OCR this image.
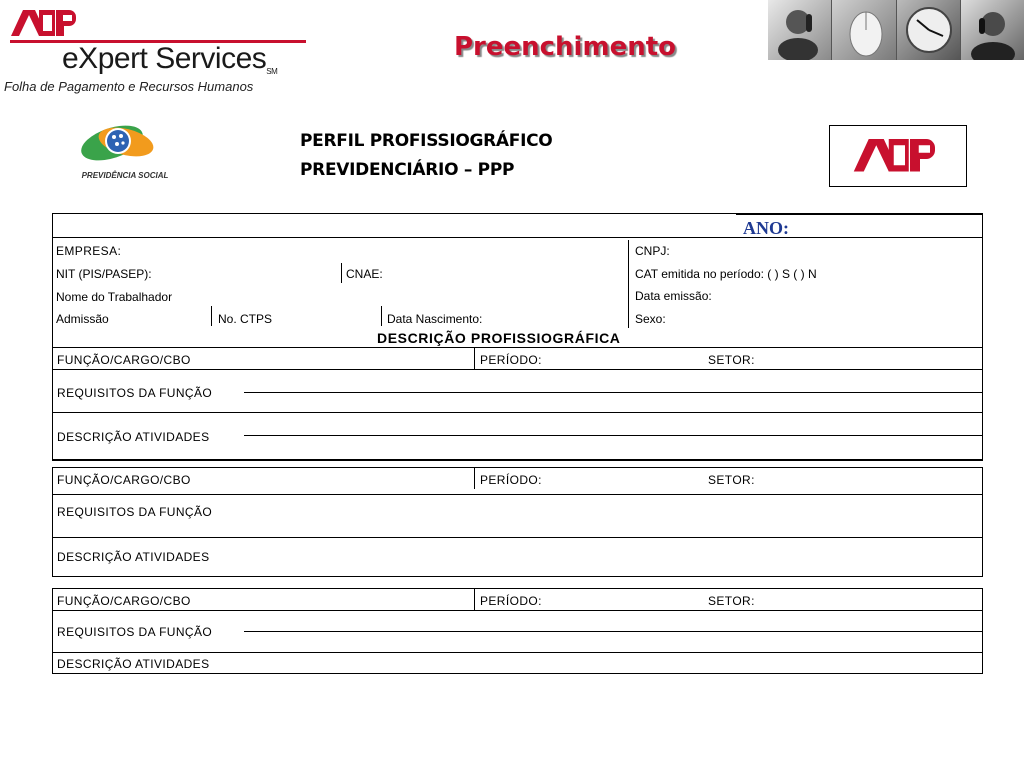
eXpert ServicesSM
Folha de Pagamento e Recursos Humanos
Preenchimento
PREVIDÊNCIA SOCIAL
PERFIL PROFISSIOGRÁFICO
PREVIDENCIÁRIO – PPP
ANO:
EMPRESA:	CNPJ:
NIT (PIS/PASEP):	CNAE:	CAT emitida no período: ( ) S ( ) N
Nome do Trabalhador	Data emissão:
Admissão	No. CTPS	Data Nascimento:	Sexo:
DESCRIÇÃO PROFISSIOGRÁFICA
FUNÇÃO/CARGO/CBO	PERÍODO:	SETOR:
REQUISITOS DA FUNÇÃO
DESCRIÇÃO ATIVIDADES
FUNÇÃO/CARGO/CBO	PERÍODO:	SETOR:
REQUISITOS DA FUNÇÃO
DESCRIÇÃO ATIVIDADES
FUNÇÃO/CARGO/CBO	PERÍODO:	SETOR:
REQUISITOS DA FUNÇÃO
DESCRIÇÃO ATIVIDADES
